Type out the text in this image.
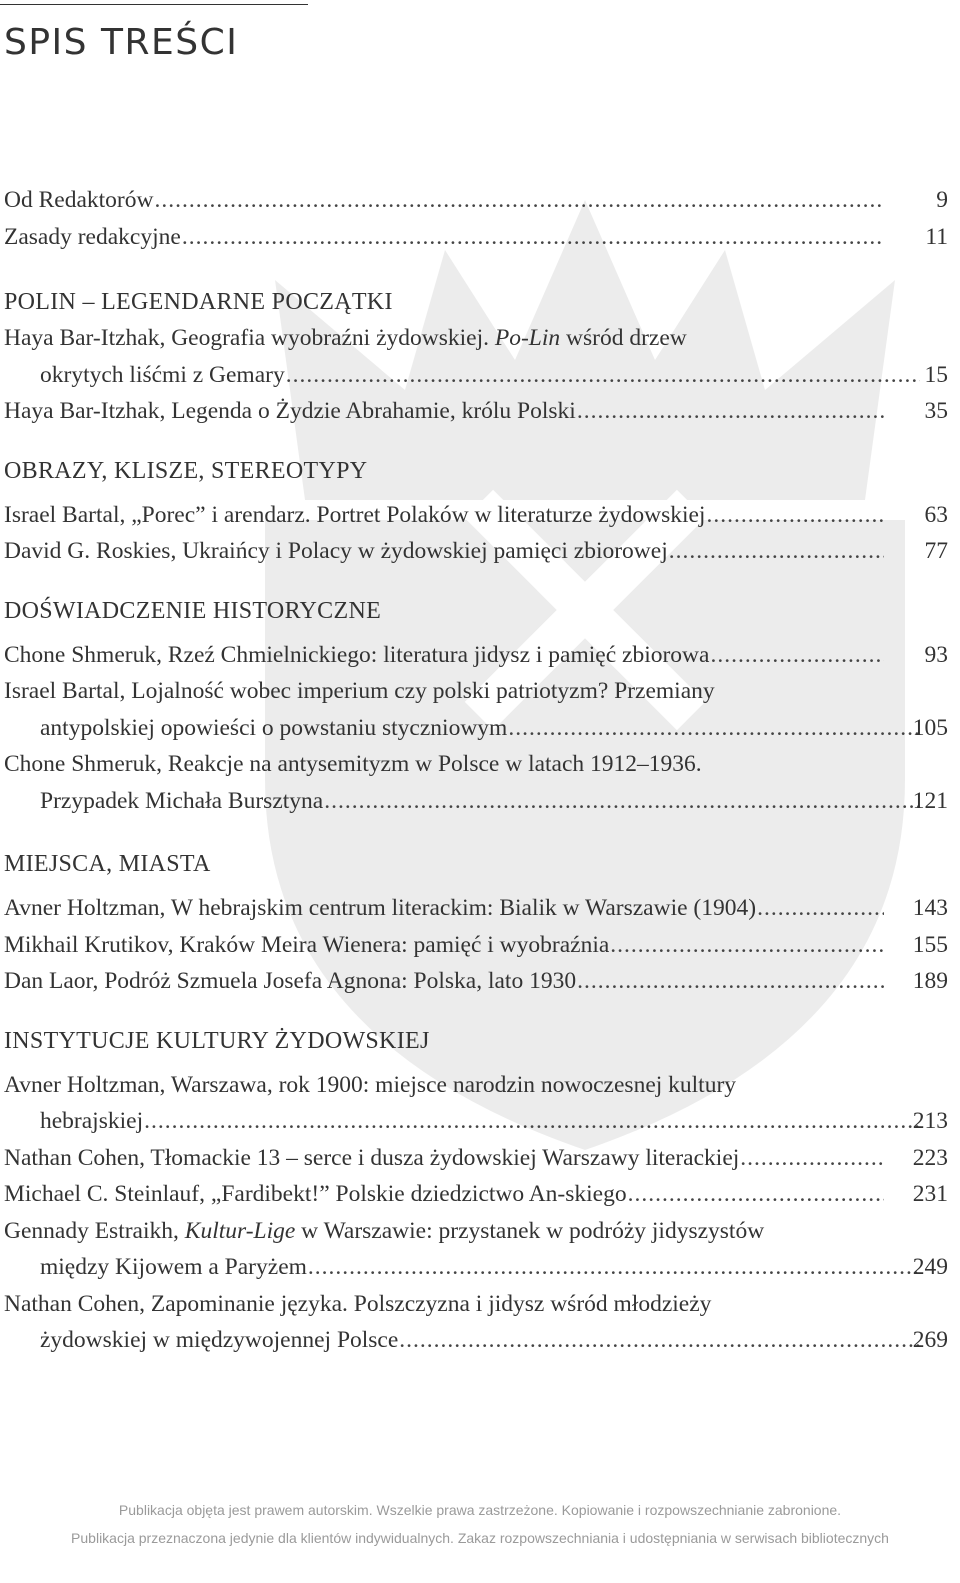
SPIS TREŚCI
Od Redaktorów .....	9
Zasady redakcyjne .....	11
POLIN – LEGENDARNE POCZĄTKI
Haya Bar-Itzhak, Geografia wyobraźni żydowskiej. Po-Lin wśród drzew
okrytych liśćmi z Gemary .....	15
Haya Bar-Itzhak, Legenda o Żydzie Abrahamie, królu Polski .....	35
OBRAZY, KLISZE, STEREOTYPY
Israel Bartal, „Porec” i arendarz. Portret Polaków w literaturze żydowskiej .....	63
David G. Roskies, Ukraińcy i Polacy w żydowskiej pamięci zbiorowej .....	77
DOŚWIADCZENIE HISTORYCZNE
Chone Shmeruk, Rzeź Chmielnickiego: literatura jidysz i pamięć zbiorowa .....	93
Israel Bartal, Lojalność wobec imperium czy polski patriotyzm? Przemiany
antypolskiej opowieści o powstaniu styczniowym .....	105
Chone Shmeruk, Reakcje na antysemityzm w Polsce w latach 1912–1936.
Przypadek Michała Bursztyna .....	121
MIEJSCA, MIASTA
Avner Holtzman, W hebrajskim centrum literackim: Bialik w Warszawie (1904) .....	143
Mikhail Krutikov, Kraków Meira Wienera: pamięć i wyobraźnia .....	155
Dan Laor, Podróż Szmuela Josefa Agnona: Polska, lato 1930 .....	189
INSTYTUCJE KULTURY ŻYDOWSKIEJ
Avner Holtzman, Warszawa, rok 1900: miejsce narodzin nowoczesnej kultury
hebrajskiej .....	213
Nathan Cohen, Tłomackie 13 – serce i dusza żydowskiej Warszawy literackiej .....	223
Michael C. Steinlauf, „Fardibekt!” Polskie dziedzictwo An-skiego .....	231
Gennady Estraikh, Kultur-Lige w Warszawie: przystanek w podróży jidyszystów
między Kijowem a Paryżem .....	249
Nathan Cohen, Zapominanie języka. Polszczyzna i jidysz wśród młodzieży
żydowskiej w międzywojennej Polsce .....	269
Publikacja objęta jest prawem autorskim. Wszelkie prawa zastrzeżone. Kopiowanie i rozpowszechnianie zabronione.
Publikacja przeznaczona jedynie dla klientów indywidualnych. Zakaz rozpowszechniania i udostępniania w serwisach bibliotecznych
